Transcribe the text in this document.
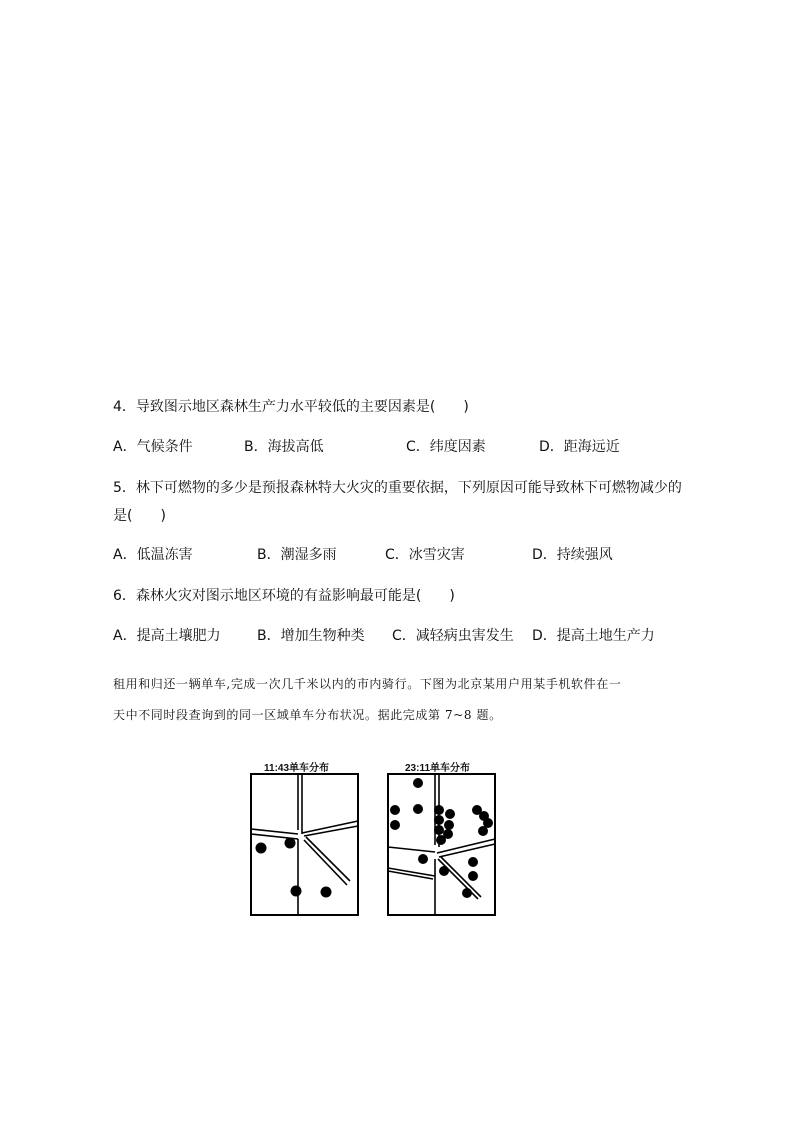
4．导致图示地区森林生产力水平较低的主要因素是(　　)
A．气候条件	B．海拔高低	C．纬度因素	D．距海远近
5．林下可燃物的多少是预报森林特大火灾的重要依据，下列原因可能导致林下可燃物减少的
是(　　)
A．低温冻害	B．潮湿多雨	C．冰雪灾害	D．持续强风
6．森林火灾对图示地区环境的有益影响最可能是(　　)
A．提高土壤肥力	B．增加生物种类 C．减轻病虫害发生 D．提高土地生产力
租用和归还一辆单车,完成一次几千米以内的市内骑行。下图为北京某用户用某手机软件在一
天中不同时段查询到的同一区域单车分布状况。据此完成第 7~8 题。
11:43单车分布	23:11单车分布
